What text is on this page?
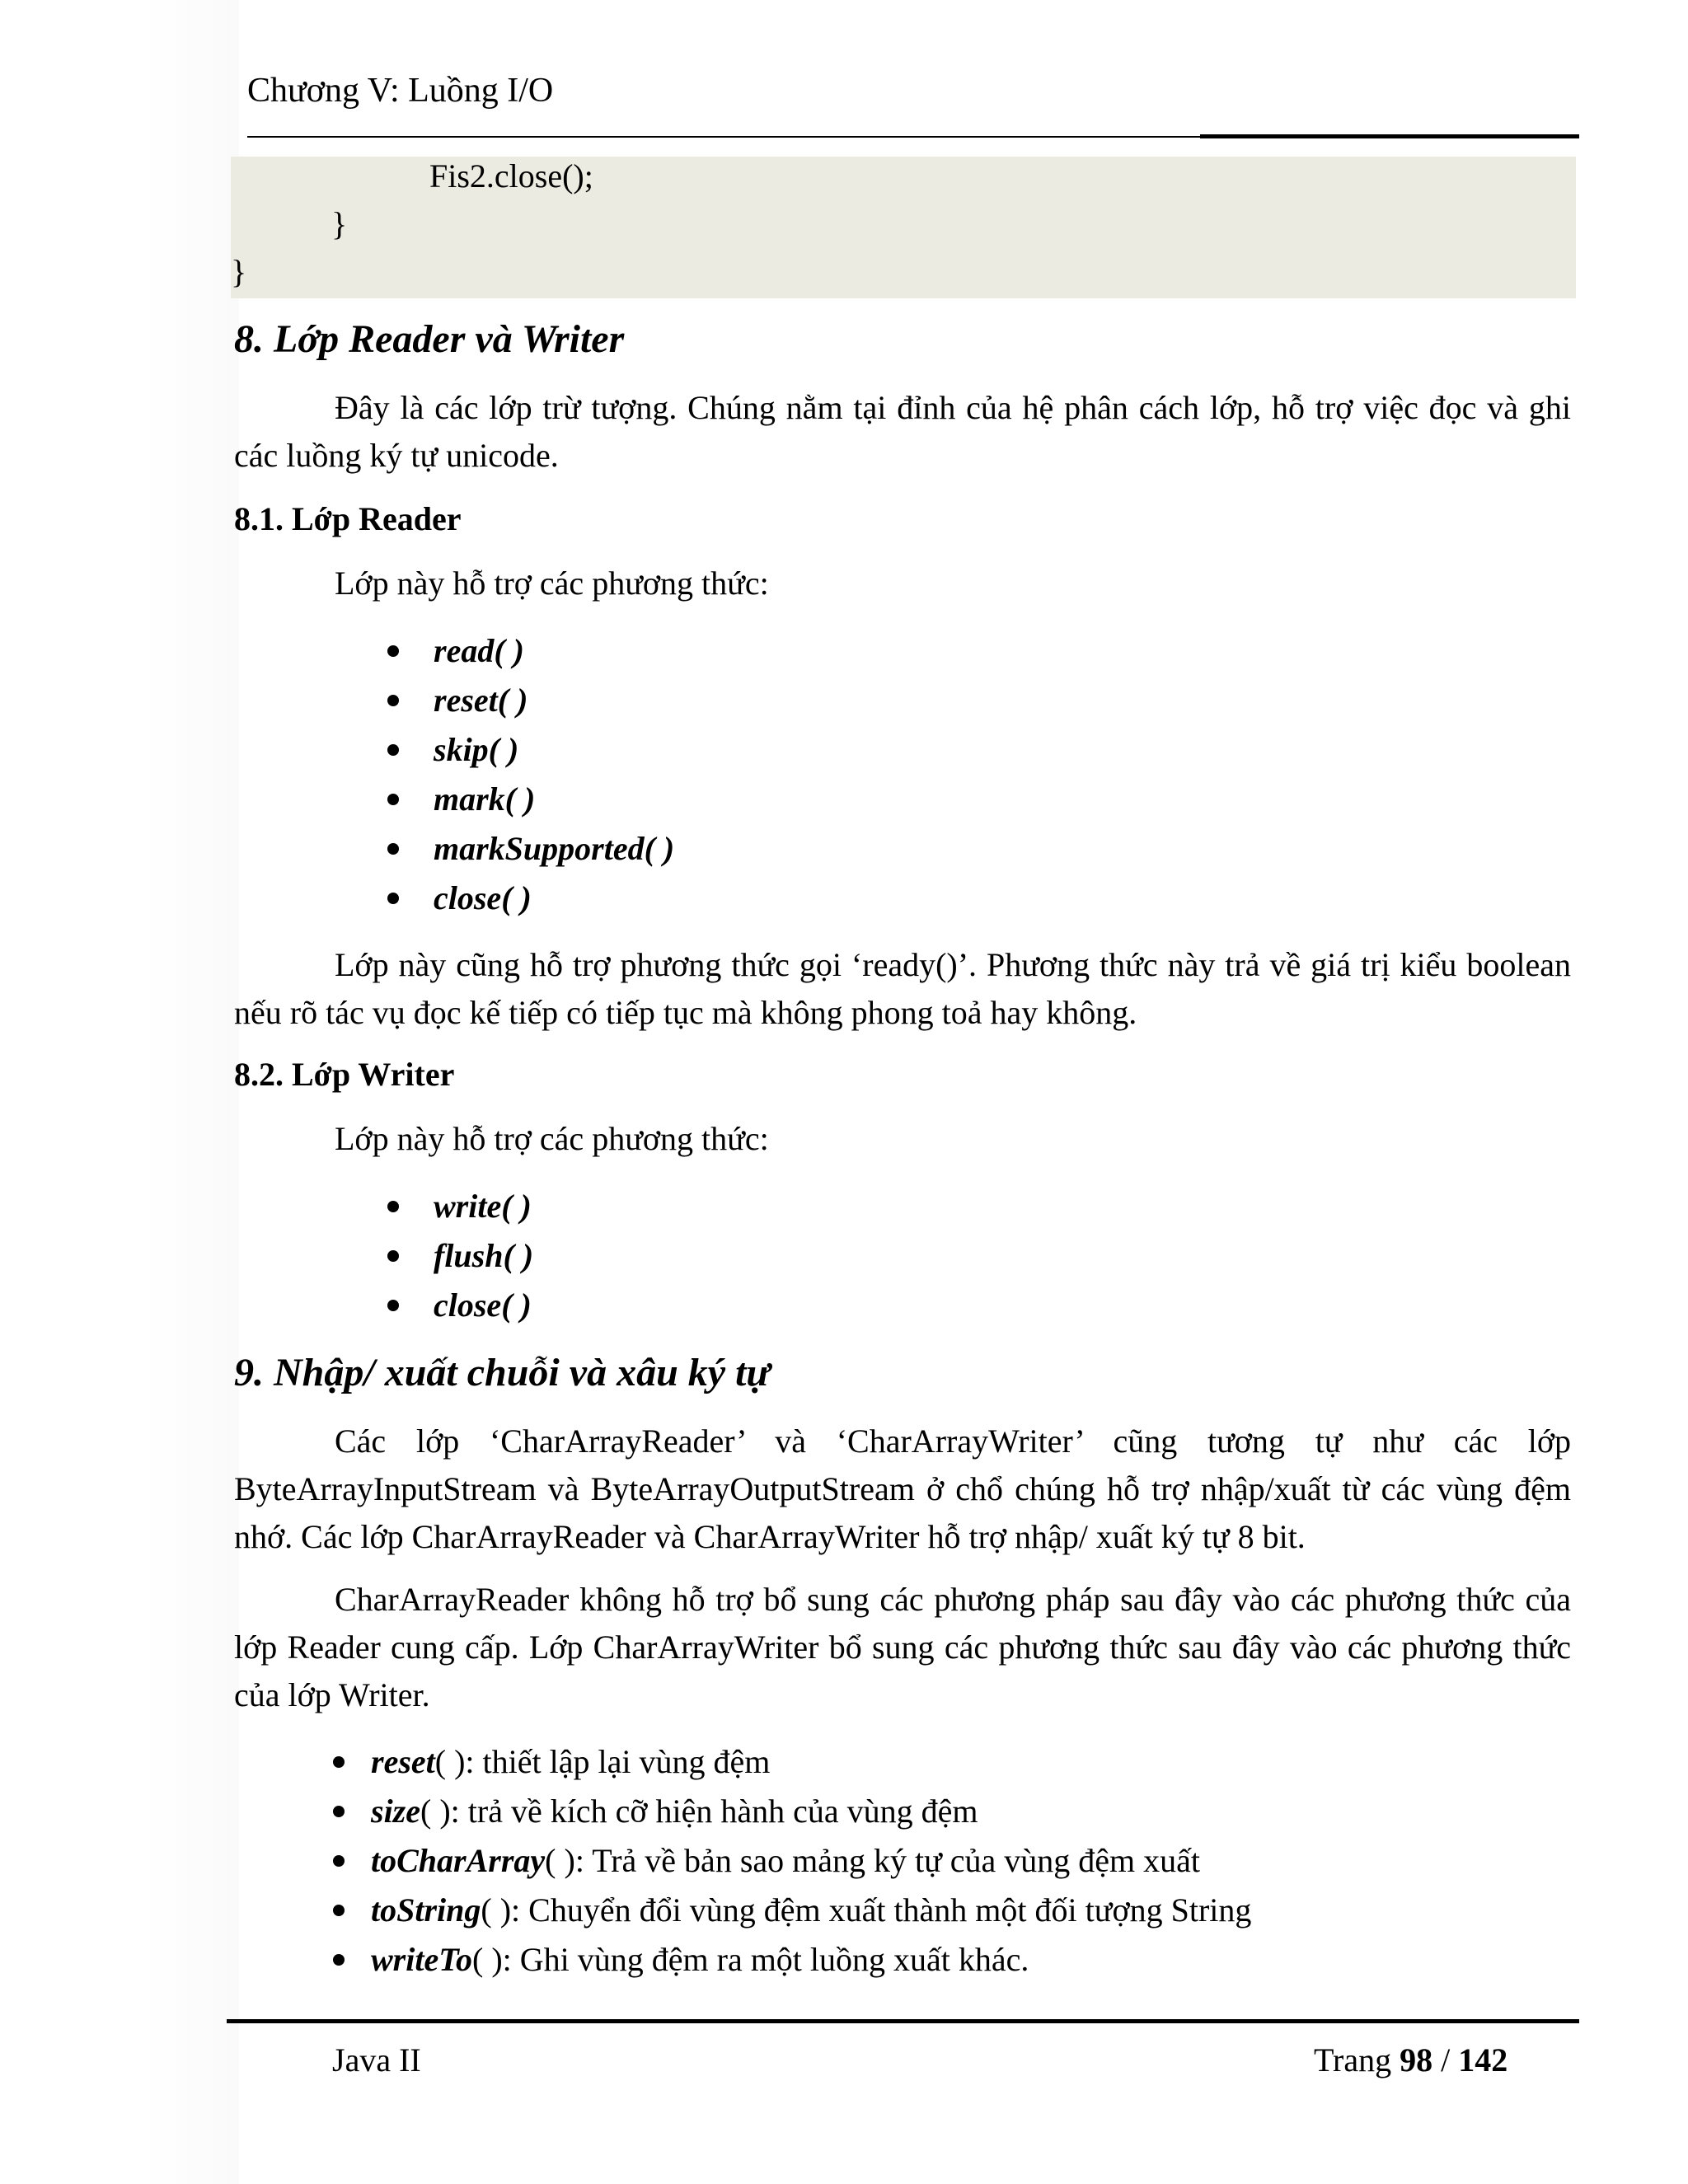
Chương V: Luồng I/O
Fis2.close();
}
}
8. Lớp Reader và Writer
Đây là các lớp trừ tượng. Chúng nằm tại đỉnh của hệ phân cách lớp, hỗ trợ việc đọc và ghi các luồng ký tự unicode.
8.1. Lớp Reader
Lớp này hỗ trợ các phương thức:
read( )
reset( )
skip( )
mark( )
markSupported( )
close( )
Lớp này cũng hỗ trợ phương thức gọi ‘ready()’. Phương thức này trả về giá trị kiểu boolean nếu rõ tác vụ đọc kế tiếp có tiếp tục mà không phong toả hay không.
8.2. Lớp Writer
Lớp này hỗ trợ các phương thức:
write( )
flush( )
close( )
9. Nhập/ xuất chuỗi và xâu ký tự
Các lớp ‘CharArrayReader’ và ‘CharArrayWriter’ cũng tương tự như các lớp ByteArrayInputStream và ByteArrayOutputStream ở chổ chúng hỗ trợ nhập/xuất từ các vùng đệm nhớ. Các lớp CharArrayReader và CharArrayWriter hỗ trợ nhập/ xuất ký tự 8 bit.
CharArrayReader không hỗ trợ bổ sung các phương pháp sau đây vào các phương thức của lớp Reader cung cấp. Lớp CharArrayWriter bổ sung các phương thức sau đây vào các phương thức của lớp Writer.
reset( ): thiết lập lại vùng đệm
size( ): trả về kích cỡ hiện hành của vùng đệm
toCharArray( ): Trả về bản sao mảng ký tự của vùng đệm xuất
toString( ): Chuyển đổi vùng đệm xuất thành một đối tượng String
writeTo( ): Ghi vùng đệm ra một luồng xuất khác.
Java II	Trang 98 / 142
